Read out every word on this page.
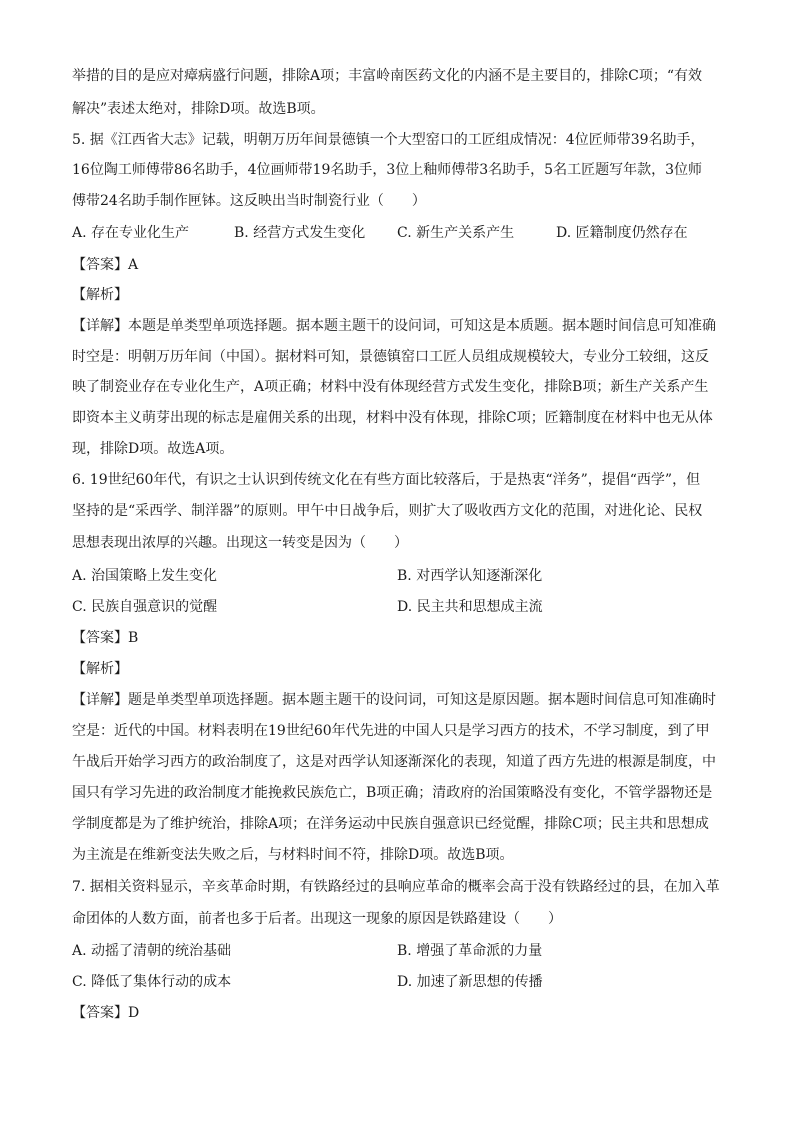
举措的目的是应对瘴病盛行问题，排除A项；丰富岭南医药文化的内涵不是主要目的，排除C项；“有效
解决”表述太绝对，排除D项。故选B项。
5. 据《江西省大志》记载，明朝万历年间景德镇一个大型窑口的工匠组成情况：4位匠师带39名助手，
16位陶工师傅带86名助手，4位画师带19名助手，3位上釉师傅带3名助手，5名工匠题写年款，3位师
傅带24名助手制作匣钵。这反映出当时制瓷行业（　　）
A. 存在专业化生产	B. 经营方式发生变化 C. 新生产关系产生	D. 匠籍制度仍然存在
【答案】A
【解析】
【详解】本题是单类型单项选择题。据本题主题干的设问词，可知这是本质题。据本题时间信息可知准确
时空是：明朝万历年间（中国）。据材料可知，景德镇窑口工匠人员组成规模较大，专业分工较细，这反
映了制瓷业存在专业化生产，A项正确；材料中没有体现经营方式发生变化，排除B项；新生产关系产生
即资本主义萌芽出现的标志是雇佣关系的出现，材料中没有体现，排除C项；匠籍制度在材料中也无从体
现，排除D项。故选A项。
6. 19世纪60年代，有识之士认识到传统文化在有些方面比较落后，于是热衷“洋务”，提倡“西学”，但
坚持的是“采西学、制洋器”的原则。甲午中日战争后，则扩大了吸收西方文化的范围，对进化论、民权
思想表现出浓厚的兴趣。出现这一转变是因为（　　）
A. 治国策略上发生变化	B. 对西学认知逐渐深化
C. 民族自强意识的觉醒	D. 民主共和思想成主流
【答案】B
【解析】
【详解】题是单类型单项选择题。据本题主题干的设问词，可知这是原因题。据本题时间信息可知准确时
空是：近代的中国。材料表明在19世纪60年代先进的中国人只是学习西方的技术，不学习制度，到了甲
午战后开始学习西方的政治制度了，这是对西学认知逐渐深化的表现，知道了西方先进的根源是制度，中
国只有学习先进的政治制度才能挽救民族危亡，B项正确；清政府的治国策略没有变化，不管学器物还是
学制度都是为了维护统治，排除A项；在洋务运动中民族自强意识已经觉醒，排除C项；民主共和思想成
为主流是在维新变法失败之后，与材料时间不符，排除D项。故选B项。
7. 据相关资料显示，辛亥革命时期，有铁路经过的县响应革命的概率会高于没有铁路经过的县，在加入革
命团体的人数方面，前者也多于后者。出现这一现象的原因是铁路建设（　　）
A. 动摇了清朝的统治基础	B. 增强了革命派的力量
C. 降低了集体行动的成本	D. 加速了新思想的传播
【答案】D
